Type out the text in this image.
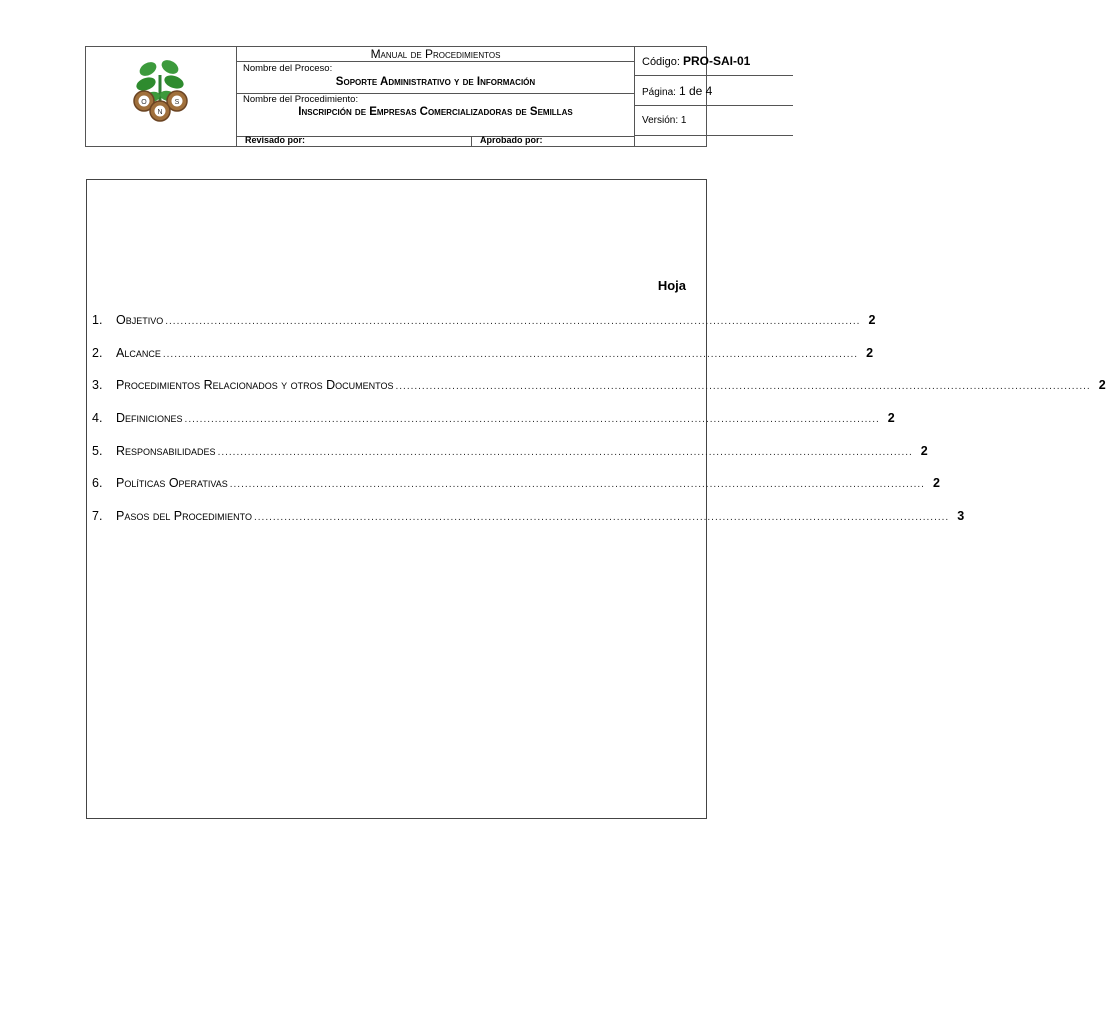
O
N
S
Manual de Procedimientos
Nombre del Proceso:
Soporte Administrativo y de Información
Nombre del Procedimiento:
Inscripción de Empresas Comercializadoras de Semillas
Revisado por:	Aprobado por:
Código: PRO-SAI-01
Página: 1 de 4
Versión: 1
Hoja
1.	Objetivo ........................................................................................................................................................................................ 2
2.	Alcance ........................................................................................................................................................................................ 2
3.	Procedimientos Relacionados y otros Documentos ........................................................................................................................................................................................ 2
4.	Definiciones ........................................................................................................................................................................................ 2
5.	Responsabilidades ........................................................................................................................................................................................ 2
6.	Políticas Operativas ........................................................................................................................................................................................ 2
7.	Pasos del Procedimiento ........................................................................................................................................................................................ 3
